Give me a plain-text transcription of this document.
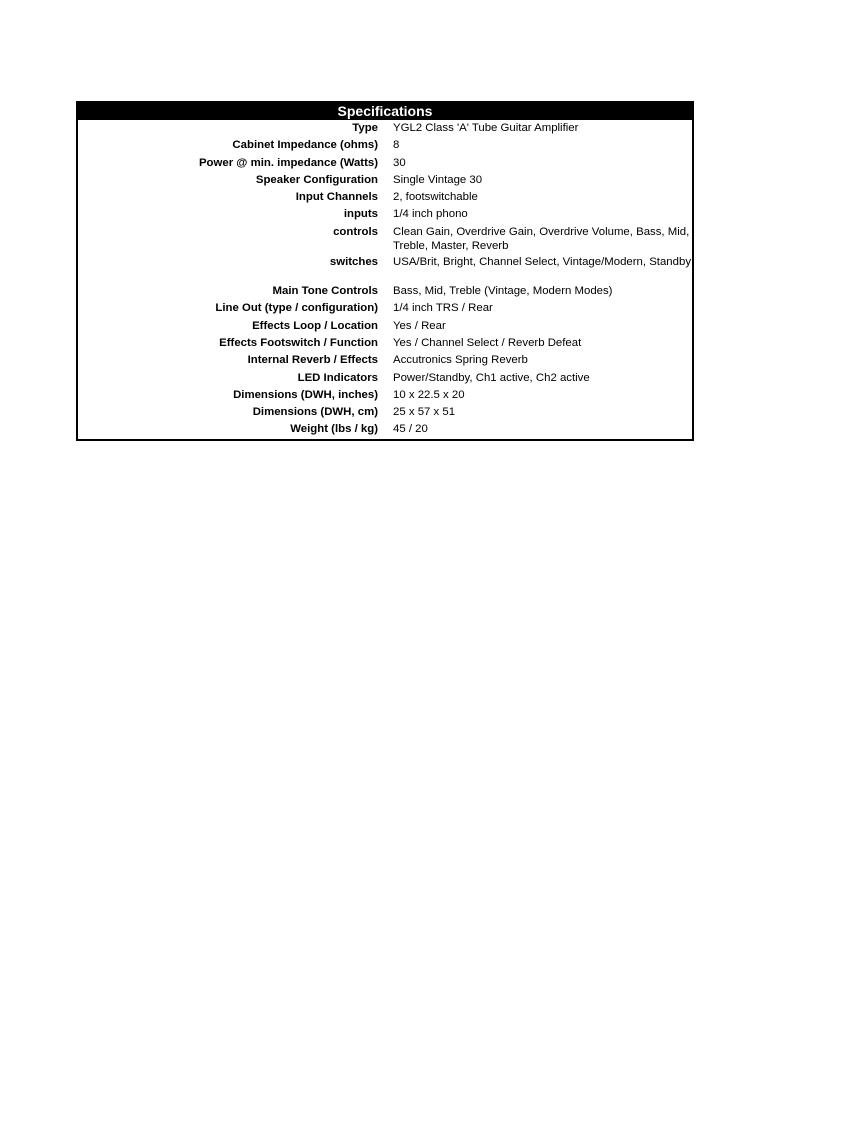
Specifications
Type	YGL2 Class 'A' Tube Guitar Amplifier
Cabinet Impedance (ohms)	8
Power @ min. impedance (Watts)	30
Speaker Configuration	Single Vintage 30
Input Channels	2, footswitchable
inputs	1/4 inch phono
controls	Clean Gain, Overdrive Gain, Overdrive Volume, Bass, Mid, Treble, Master, Reverb
switches	USA/Brit, Bright, Channel Select, Vintage/Modern, Standby
Main Tone Controls	Bass, Mid, Treble (Vintage, Modern Modes)
Line Out (type / configuration)	1/4 inch TRS / Rear
Effects Loop / Location	Yes / Rear
Effects Footswitch / Function	Yes / Channel Select / Reverb Defeat
Internal Reverb / Effects	Accutronics Spring Reverb
LED Indicators	Power/Standby, Ch1 active, Ch2 active
Dimensions (DWH, inches)	10 x 22.5 x 20
Dimensions (DWH, cm)	25 x 57 x 51
Weight (lbs / kg)	45 / 20
